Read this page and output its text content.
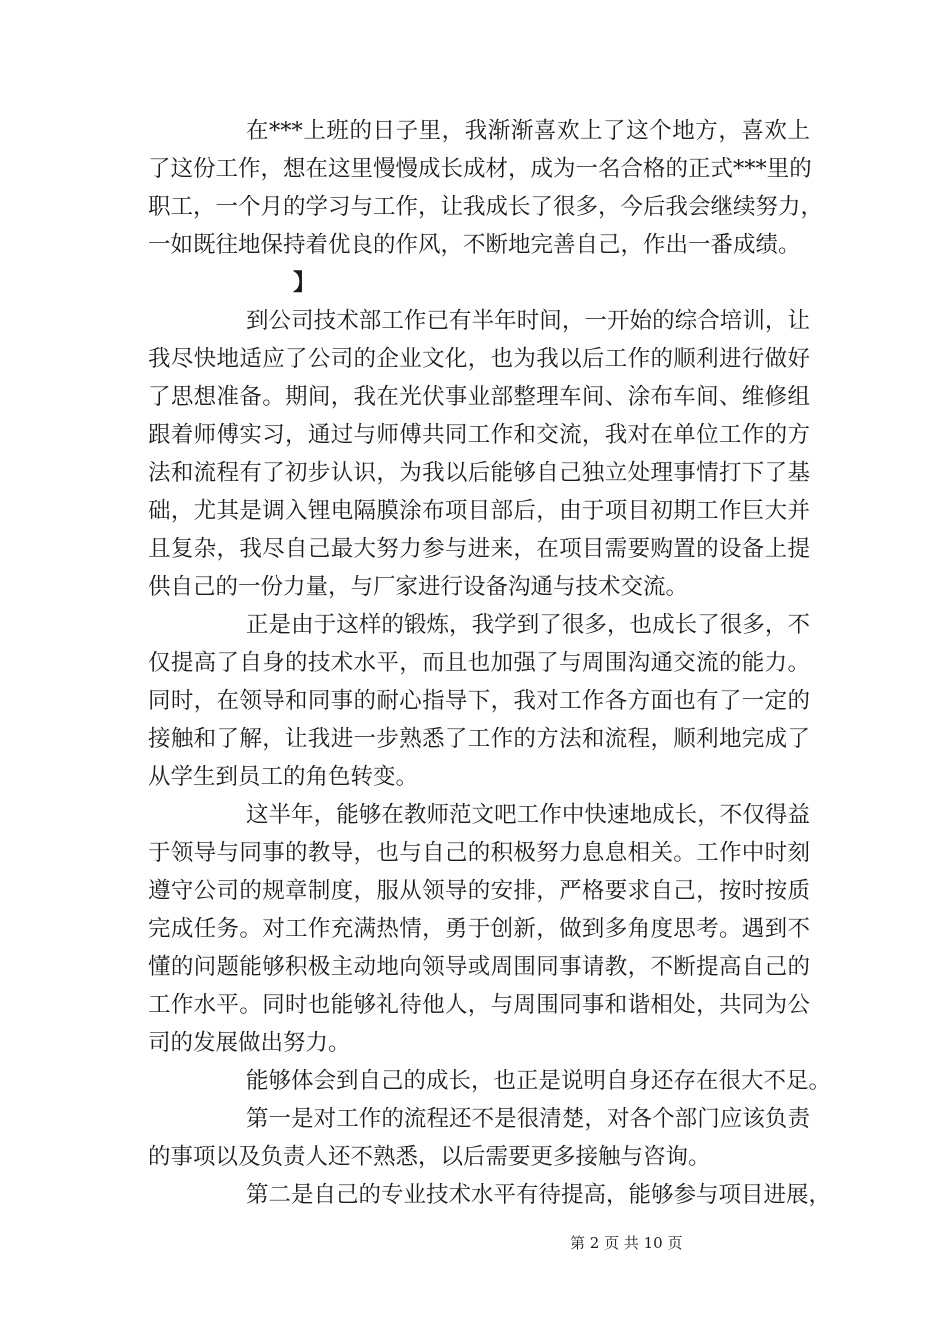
在***上班的日子里，我渐渐喜欢上了这个地方，喜欢上
了这份工作，想在这里慢慢成长成材，成为一名合格的正式***里的
职工，一个月的学习与工作，让我成长了很多，今后我会继续努力，
一如既往地保持着优良的作风，不断地完善自己，作出一番成绩。
】
到公司技术部工作已有半年时间，一开始的综合培训，让
我尽快地适应了公司的企业文化，也为我以后工作的顺利进行做好
了思想准备。期间，我在光伏事业部整理车间、涂布车间、维修组
跟着师傅实习，通过与师傅共同工作和交流，我对在单位工作的方
法和流程有了初步认识，为我以后能够自己独立处理事情打下了基
础，尤其是调入锂电隔膜涂布项目部后，由于项目初期工作巨大并
且复杂，我尽自己最大努力参与进来，在项目需要购置的设备上提
供自己的一份力量，与厂家进行设备沟通与技术交流。
正是由于这样的锻炼，我学到了很多，也成长了很多，不
仅提高了自身的技术水平，而且也加强了与周围沟通交流的能力。
同时，在领导和同事的耐心指导下，我对工作各方面也有了一定的
接触和了解，让我进一步熟悉了工作的方法和流程，顺利地完成了
从学生到员工的角色转变。
这半年，能够在教师范文吧工作中快速地成长，不仅得益
于领导与同事的教导，也与自己的积极努力息息相关。工作中时刻
遵守公司的规章制度，服从领导的安排，严格要求自己，按时按质
完成任务。对工作充满热情，勇于创新，做到多角度思考。遇到不
懂的问题能够积极主动地向领导或周围同事请教，不断提高自己的
工作水平。同时也能够礼待他人，与周围同事和谐相处，共同为公
司的发展做出努力。
能够体会到自己的成长，也正是说明自身还存在很大不足。
第一是对工作的流程还不是很清楚，对各个部门应该负责
的事项以及负责人还不熟悉，以后需要更多接触与咨询。
第二是自己的专业技术水平有待提高，能够参与项目进展，
第 2 页 共 10 页
